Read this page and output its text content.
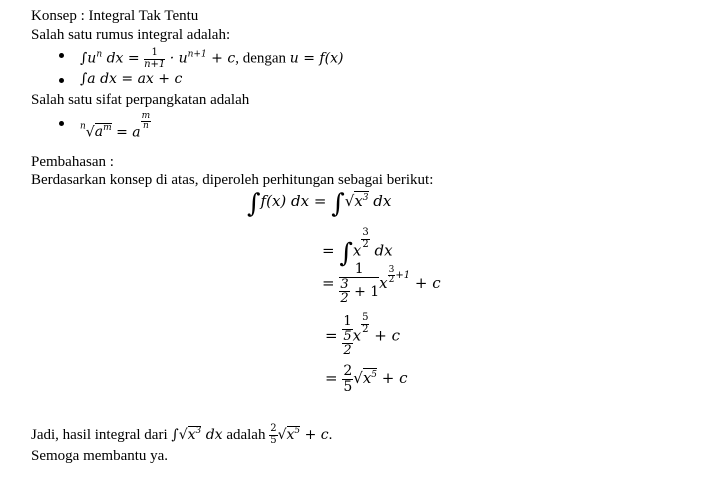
Konsep : Integral Tak Tentu
Salah satu rumus integral adalah:
$\int u^n$ dx = $\frac{1}{n+1} \cdot u^{n+1} + c$, dengan u = f(x)
∫a dx = ax + c
Salah satu sifat perpangkatan adalah
$^n√a^m = a$
$\frac{m}{n}$
Pembahasan :
Berdasarkan konsep di atas, diperoleh perhitungan sebagai berikut:
∫f(x) dx = $\int√x^3$ dx
= ∫x
$\frac{3}{2}$
dx
= $\frac{1}{\frac{3}{2} + 1}$ x $^{\frac{3}{2} +1}$ + c
= $\frac{1}{\frac{5}{2}}$ x
$\frac{5}{2}$
+ c
= $\frac{2}{5} √x^5 + c$
Jadi, hasil integral dari $\int√x^3$ dx adalah $\frac{2}{5} √x^5 + c$.
Semoga membantu ya.
